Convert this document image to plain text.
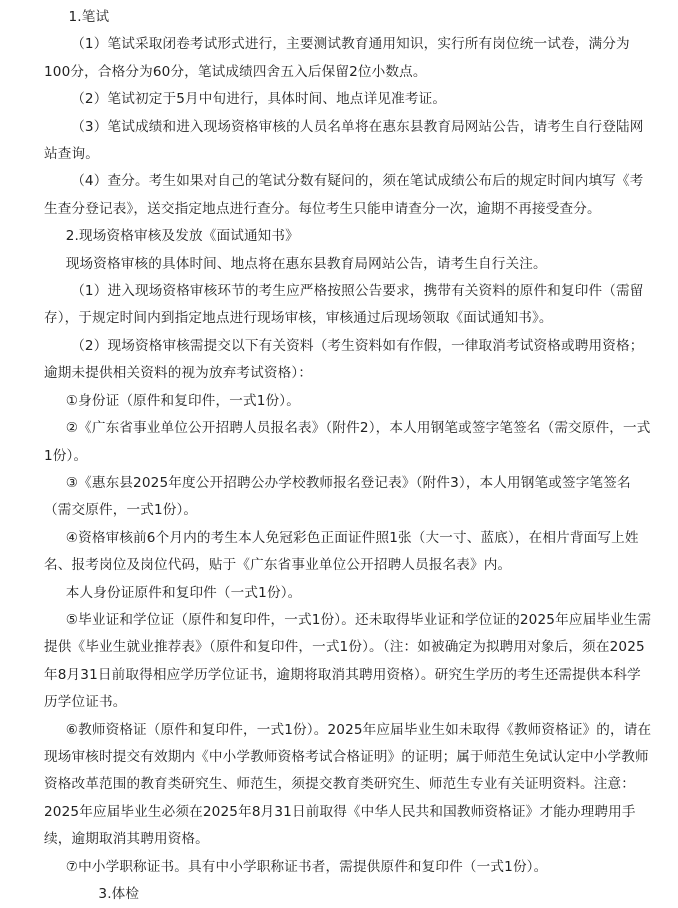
1.笔试

（1）笔试采取闭卷考试形式进行，主要测试教育通用知识，实行所有岗位统一试卷，满分为100分，合格分为60分，笔试成绩四舍五入后保留2位小数点。

（2）笔试初定于5月中旬进行，具体时间、地点详见准考证。

（3）笔试成绩和进入现场资格审核的人员名单将在惠东县教育局网站公告，请考生自行登陆网站查询。

（4）查分。考生如果对自己的笔试分数有疑问的，须在笔试成绩公布后的规定时间内填写《考生查分登记表》，送交指定地点进行查分。每位考生只能申请查分一次，逾期不再接受查分。

2.现场资格审核及发放《面试通知书》

现场资格审核的具体时间、地点将在惠东县教育局网站公告，请考生自行关注。

（1）进入现场资格审核环节的考生应严格按照公告要求，携带有关资料的原件和复印件（需留存），于规定时间内到指定地点进行现场审核，审核通过后现场领取《面试通知书》。

（2）现场资格审核需提交以下有关资料（考生资料如有作假，一律取消考试资格或聘用资格；逾期未提供相关资料的视为放弃考试资格）：

①身份证（原件和复印件，一式1份）。

②《广东省事业单位公开招聘人员报名表》（附件2），本人用钢笔或签字笔签名（需交原件，一式1份）。

③《惠东县2025年度公开招聘公办学校教师报名登记表》（附件3），本人用钢笔或签字笔签名（需交原件，一式1份）。

④资格审核前6个月内的考生本人免冠彩色正面证件照1张（大一寸、蓝底），在相片背面写上姓名、报考岗位及岗位代码，贴于《广东省事业单位公开招聘人员报名表》内。

本人身份证原件和复印件（一式1份）。

⑤毕业证和学位证（原件和复印件，一式1份）。还未取得毕业证和学位证的2025年应届毕业生需提供《毕业生就业推荐表》（原件和复印件，一式1份）。（注：如被确定为拟聘用对象后，须在2025年8月31日前取得相应学历学位证书，逾期将取消其聘用资格）。研究生学历的考生还需提供本科学历学位证书。

⑥教师资格证（原件和复印件，一式1份）。2025年应届毕业生如未取得《教师资格证》的，请在现场审核时提交有效期内《中小学教师资格考试合格证明》的证明；属于师范生免试认定中小学教师资格改革范围的教育类研究生、师范生，须提交教育类研究生、师范生专业有关证明资料。注意：2025年应届毕业生必须在2025年8月31日前取得《中华人民共和国教师资格证》才能办理聘用手续，逾期取消其聘用资格。

⑦中小学职称证书。具有中小学职称证书者，需提供原件和复印件（一式1份）。

3.体检
